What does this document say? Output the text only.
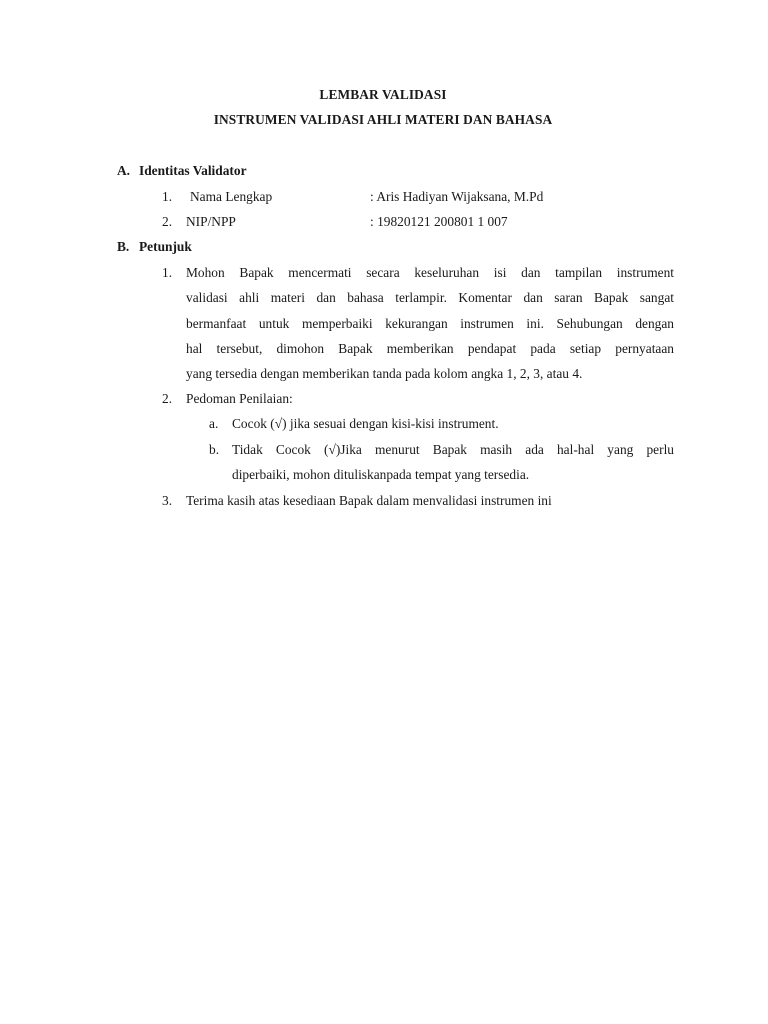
LEMBAR VALIDASI
INSTRUMEN VALIDASI AHLI MATERI DAN BAHASA
A. Identitas Validator
1. Nama Lengkap	: Aris Hadiyan Wijaksana, M.Pd
2. NIP/NPP	: 19820121 200801 1 007
B. Petunjuk
1. Mohon Bapak mencermati secara keseluruhan isi dan tampilan instrument
validasi ahli materi dan bahasa terlampir. Komentar dan saran Bapak sangat
bermanfaat untuk memperbaiki kekurangan instrumen ini. Sehubungan dengan
hal tersebut, dimohon Bapak memberikan pendapat pada setiap pernyataan
yang tersedia dengan memberikan tanda pada kolom angka 1, 2, 3, atau 4.
2. Pedoman Penilaian:
a. Cocok (√) jika sesuai dengan kisi-kisi instrument.
b. Tidak Cocok (√)Jika menurut Bapak masih ada hal-hal yang perlu
diperbaiki, mohon dituliskanpada tempat yang tersedia.
3. Terima kasih atas kesediaan Bapak dalam menvalidasi instrumen ini
